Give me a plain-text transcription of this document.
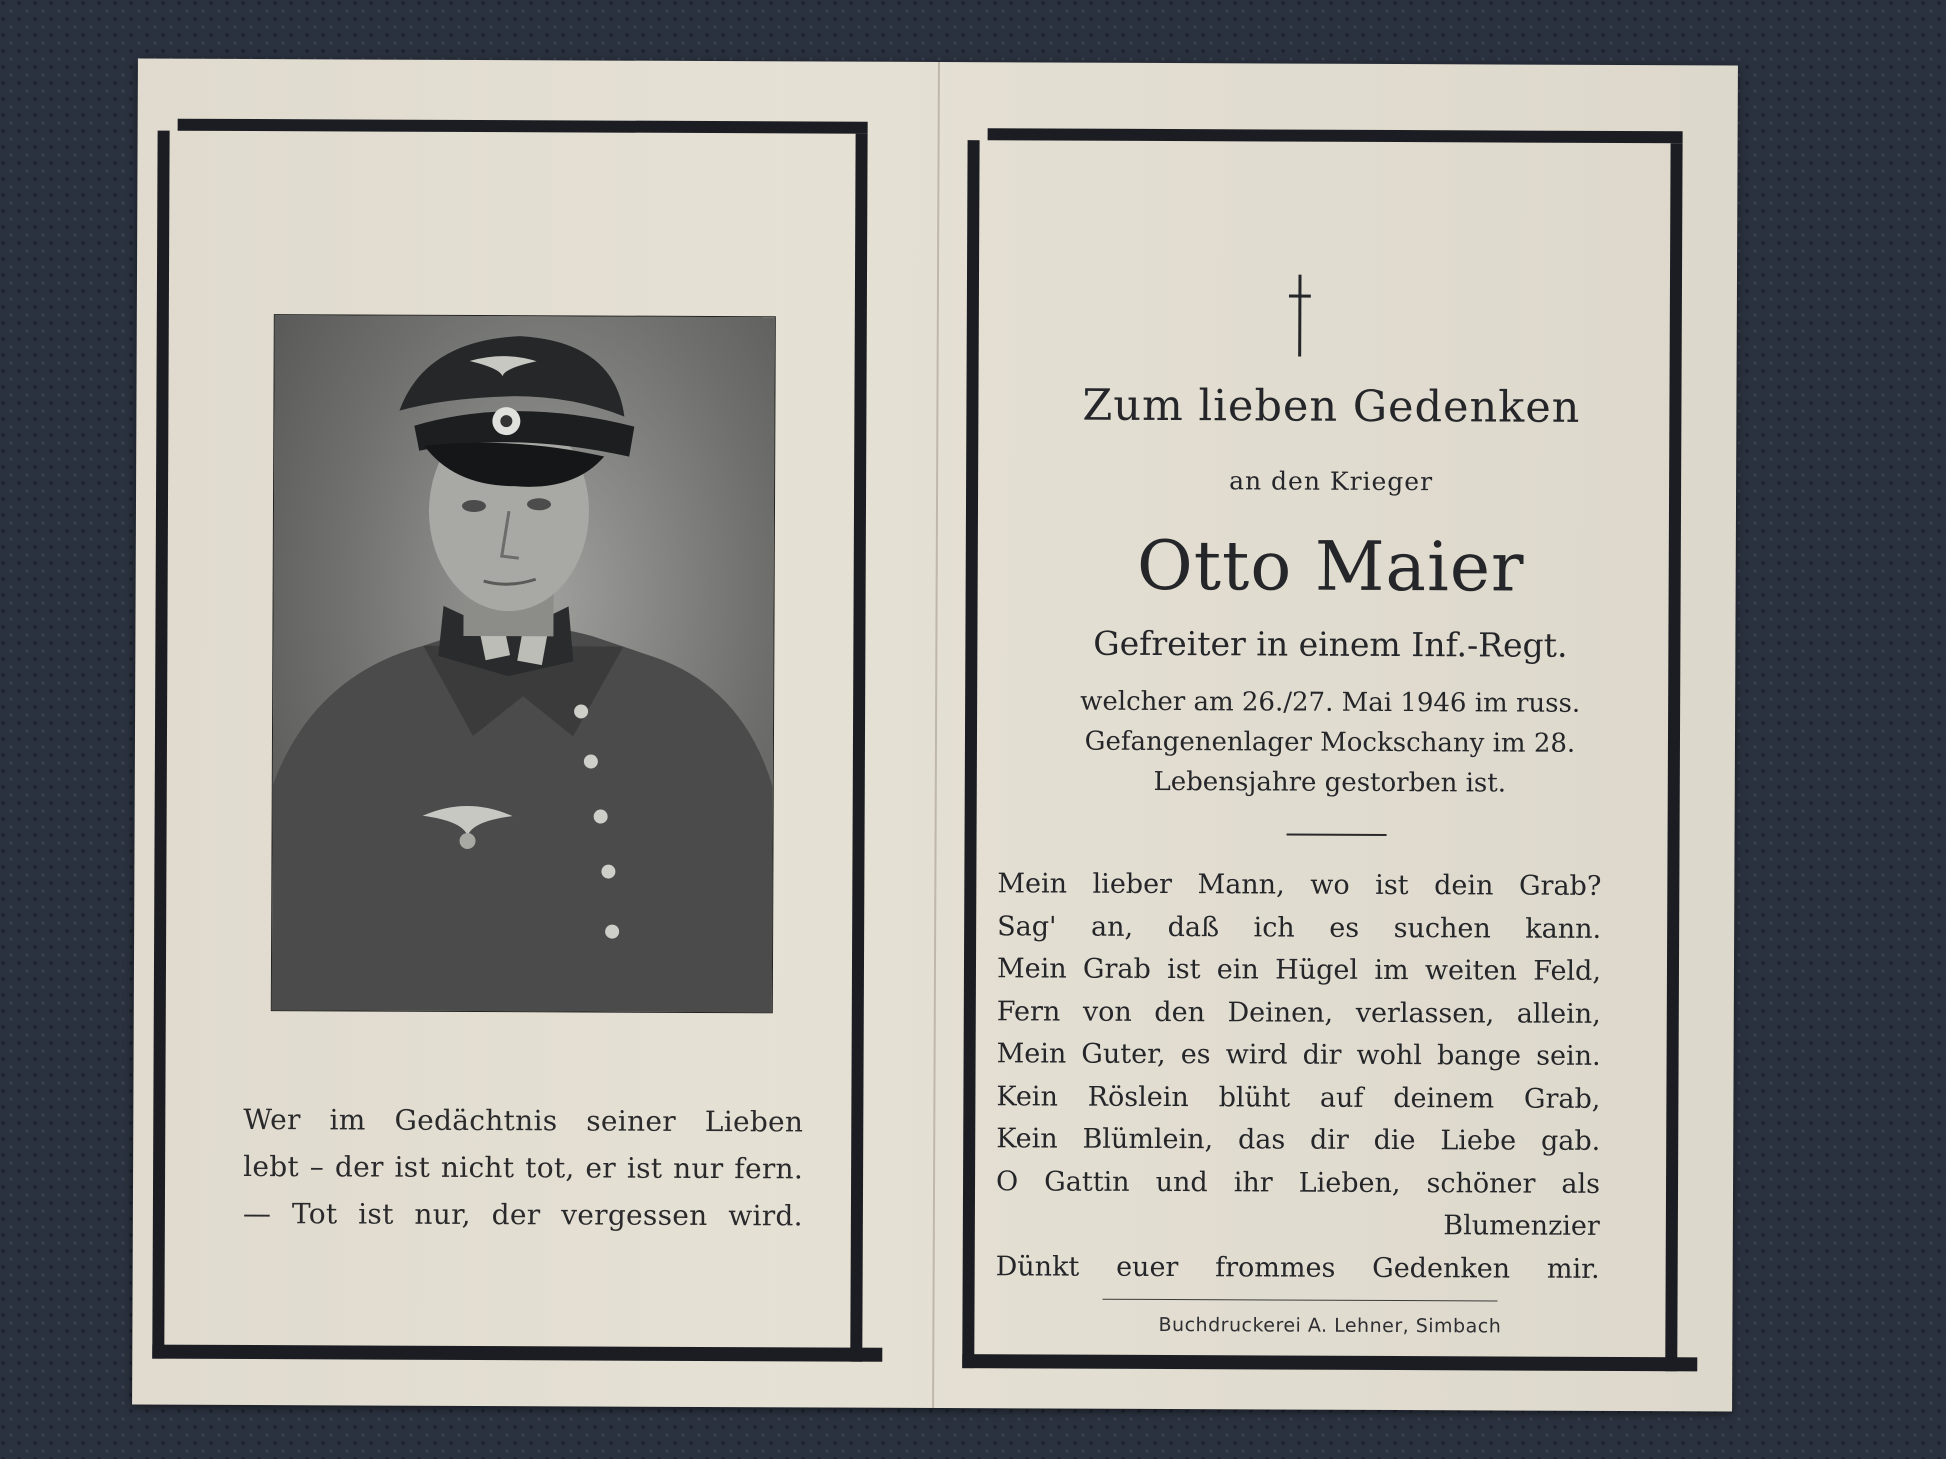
Wer im Gedächtnis seiner Lieben
lebt – der ist nicht tot, er ist nur fern.
— Tot ist nur, der vergessen wird.
Zum lieben Gedenken
an den Krieger
Otto Maier
Gefreiter in einem Inf.-Regt.
welcher am 26./27. Mai 1946 im russ.
Gefangenenlager Mockschany im 28.
Lebensjahre gestorben ist.
Mein lieber Mann, wo ist dein Grab?
Sag' an, daß ich es suchen kann.
Mein Grab ist ein Hügel im weiten Feld,
Fern von den Deinen, verlassen, allein,
Mein Guter, es wird dir wohl bange sein.
Kein Röslein blüht auf deinem Grab,
Kein Blümlein, das dir die Liebe gab.
O Gattin und ihr Lieben, schöner als
Blumenzier
Dünkt euer frommes Gedenken mir.
Buchdruckerei A. Lehner, Simbach
